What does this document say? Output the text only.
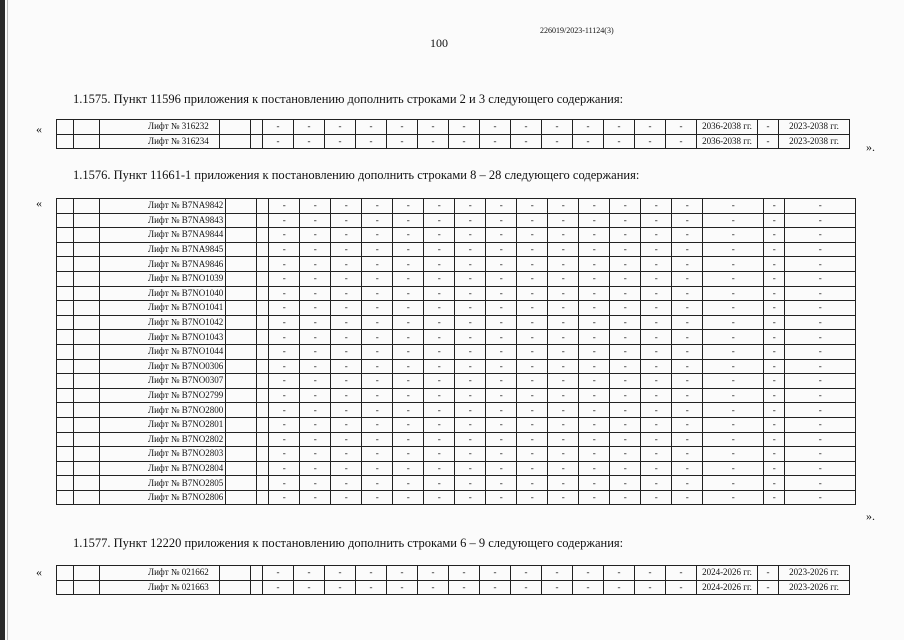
226019/2023-11124(3)
100
1.1575. Пункт 11596 приложения к постановлению дополнить строками 2 и 3 следующего содержания:
«
			Лифт № 316232			-	-	-	-	-	-	-	-	-	-	-	-	-	-	2036-2038 гг.	-	2023-2038 гг.
		Лифт № 316234			-	-	-	-	-	-	-	-	-	-	-	-	-	-	2036-2038 гг.	-	2023-2038 гг. ».
1.1576. Пункт 11661-1 приложения к постановлению дополнить строками 8 – 28 следующего содержания:
«
			Лифт № B7NA9842			-	-	-	-	-	-	-	-	-	-	-	-	-	-	-	-	-
		Лифт № B7NA9843			-	-	-	-	-	-	-	-	-	-	-	-	-	-	-	-	-
		Лифт № B7NA9844			-	-	-	-	-	-	-	-	-	-	-	-	-	-	-	-	-
		Лифт № B7NA9845			-	-	-	-	-	-	-	-	-	-	-	-	-	-	-	-	-
		Лифт № B7NA9846			-	-	-	-	-	-	-	-	-	-	-	-	-	-	-	-	-
		Лифт № B7NO1039			-	-	-	-	-	-	-	-	-	-	-	-	-	-	-	-	-
		Лифт № B7NO1040			-	-	-	-	-	-	-	-	-	-	-	-	-	-	-	-	-
		Лифт № B7NO1041			-	-	-	-	-	-	-	-	-	-	-	-	-	-	-	-	-
		Лифт № B7NO1042			-	-	-	-	-	-	-	-	-	-	-	-	-	-	-	-	-
		Лифт № B7NO1043			-	-	-	-	-	-	-	-	-	-	-	-	-	-	-	-	-
		Лифт № B7NO1044			-	-	-	-	-	-	-	-	-	-	-	-	-	-	-	-	-
		Лифт № B7NO0306			-	-	-	-	-	-	-	-	-	-	-	-	-	-	-	-	-
		Лифт № B7NO0307			-	-	-	-	-	-	-	-	-	-	-	-	-	-	-	-	-
		Лифт № B7NO2799			-	-	-	-	-	-	-	-	-	-	-	-	-	-	-	-	-
		Лифт № B7NO2800			-	-	-	-	-	-	-	-	-	-	-	-	-	-	-	-	-
		Лифт № B7NO2801			-	-	-	-	-	-	-	-	-	-	-	-	-	-	-	-	-
		Лифт № B7NO2802			-	-	-	-	-	-	-	-	-	-	-	-	-	-	-	-	-
		Лифт № B7NO2803			-	-	-	-	-	-	-	-	-	-	-	-	-	-	-	-	-
		Лифт № B7NO2804			-	-	-	-	-	-	-	-	-	-	-	-	-	-	-	-	-
		Лифт № B7NO2805			-	-	-	-	-	-	-	-	-	-	-	-	-	-	-	-	-
		Лифт № B7NO2806			-	-	-	-	-	-	-	-	-	-	-	-	-	-	-	-	-
».
1.1577. Пункт 12220 приложения к постановлению дополнить строками 6 – 9 следующего содержания:
«
			Лифт № 021662			-	-	-	-	-	-	-	-	-	-	-	-	-	-	2024-2026 гг.	-	2023-2026 гг.
		Лифт № 021663			-	-	-	-	-	-	-	-	-	-	-	-	-	-	2024-2026 гг.	-	2023-2026 гг.
